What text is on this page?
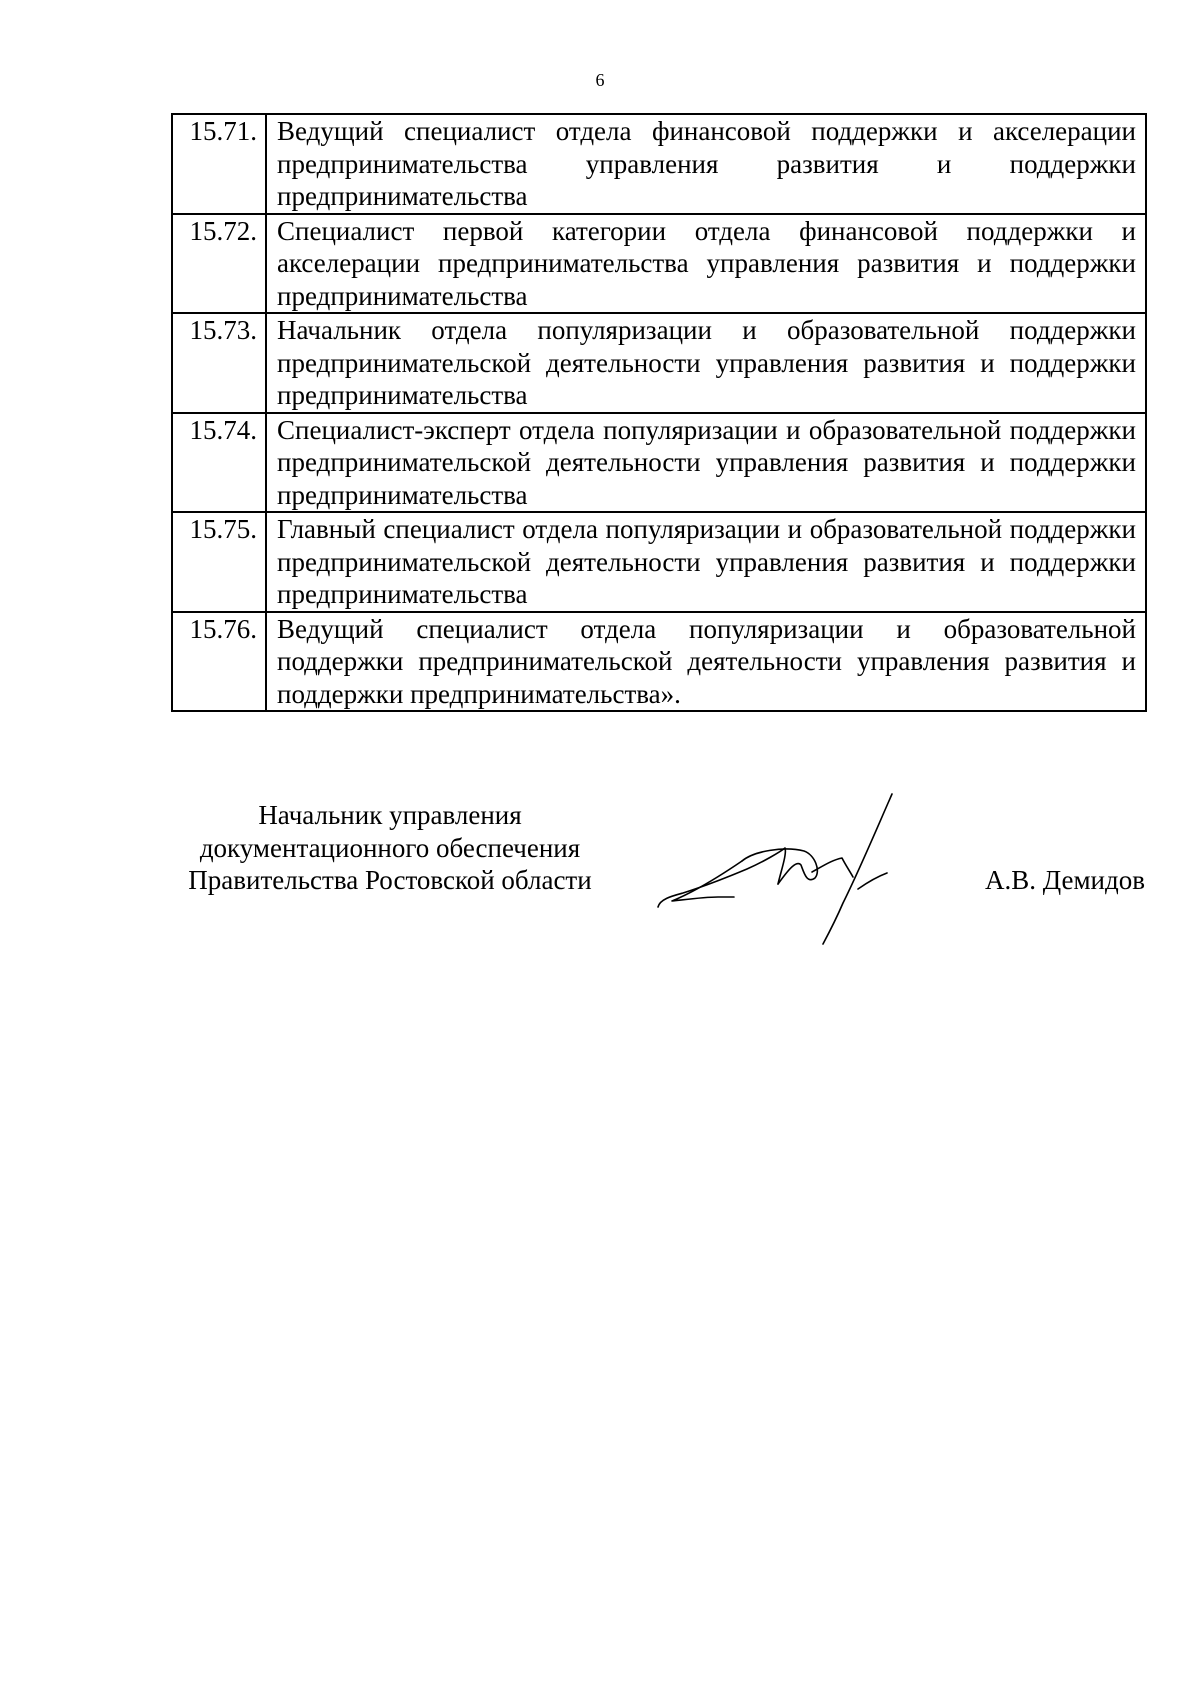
6
15.71.	Ведущий специалист отдела финансовой поддержки и акселерации предпринимательства управления развития и поддержки предпринимательства
15.72.	Специалист первой категории отдела финансовой поддержки и акселерации предпринимательства управления развития и поддержки предпринимательства
15.73.	Начальник отдела популяризации и образовательной поддержки предпринимательской деятельности управления развития и поддержки предпринимательства
15.74.	Специалист-эксперт отдела популяризации и образовательной поддержки предпринимательской деятельности управления развития и поддержки предпринимательства
15.75.	Главный специалист отдела популяризации и образовательной поддержки предпринимательской деятельности управления развития и поддержки предпринимательства
15.76.	Ведущий специалист отдела популяризации и образовательной поддержки предпринимательской деятельности управления развития и поддержки предпринимательства».
Начальник управления
документационного обеспечения
Правительства Ростовской области	А.В. Демидов
